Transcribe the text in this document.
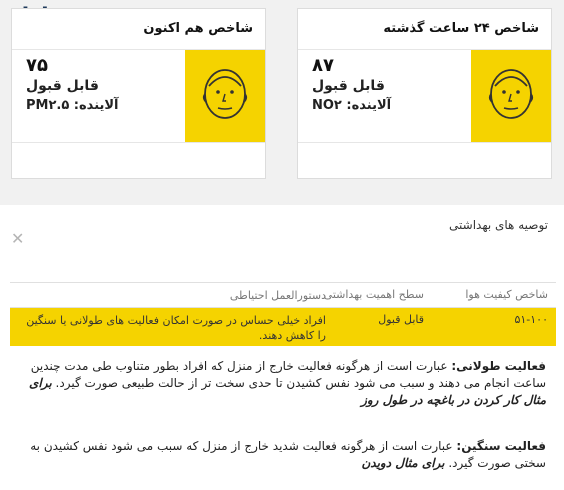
شاخص ۲۴ ساعت گذشته
۸۷
قابل قبول
آلاینده: NO۲
شاخص هم اکنون
۷۵
قابل قبول
آلاینده: PM۲.۵
✕
توصیه های بهداشتی
شاخص کیفیت هوا
سطح اهمیت بهداشتی
دستورالعمل احتیاطی
۵۱-۱۰۰
قابل قبول
افراد خیلی حساس در صورت امکان فعالیت های طولانی یا سنگین را کاهش دهند.
فعالیت طولانی: عبارت است از هرگونه فعالیت خارج از منزل که افراد بطور متناوب طی مدت چندین ساعت انجام می دهند و سبب می شود نفس کشیدن تا حدی سخت تر از حالت طبیعی صورت گیرد. برای مثال کار کردن در باغچه در طول روز
فعالیت سنگین: عبارت است از هرگونه فعالیت شدید خارج از منزل که سبب می شود نفس کشیدن به سختی صورت گیرد. برای مثال دویدن
